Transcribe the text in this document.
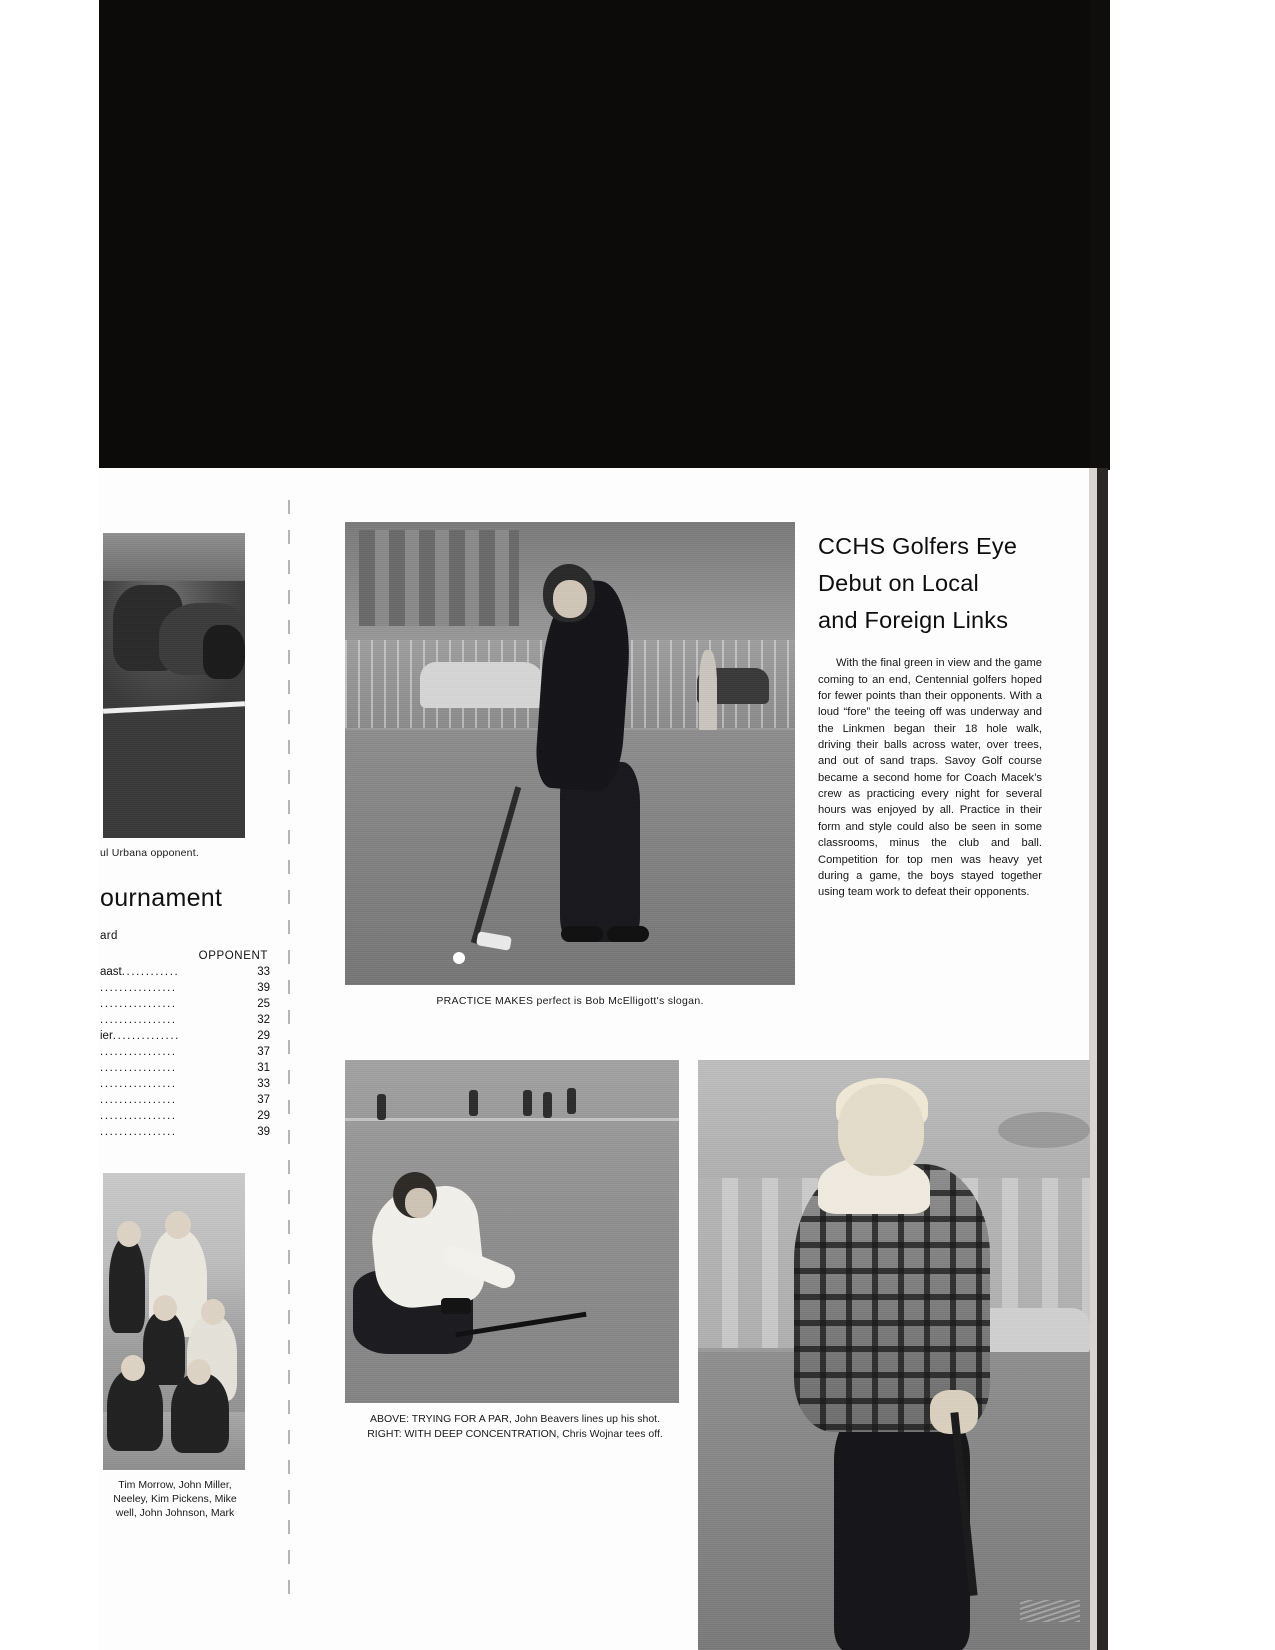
ul Urbana opponent.
ournament
ard
OPPONENT
aast ............	33
................	39
................	25
................	32
ier ..............	29
................	37
................	31
................	33
................	37
................	29
................	39
Tim Morrow, John Miller,
Neeley, Kim Pickens, Mike
well, John Johnson, Mark
PRACTICE MAKES perfect is Bob McElligott's slogan.
ABOVE: TRYING FOR A PAR, John Beavers lines up his shot.
RIGHT: WITH DEEP CONCENTRATION, Chris Wojnar tees off.
CCHS Golfers Eye
Debut on Local
and Foreign Links
With the final green in view and the game coming to an end, Centennial golfers hoped for fewer points than their opponents. With a loud “fore” the teeing off was underway and the Linkmen began their 18 hole walk, driving their balls across water, over trees, and out of sand traps. Savoy Golf course became a second home for Coach Macek’s crew as practicing every night for several hours was enjoyed by all. Practice in their form and style could also be seen in some classrooms, minus the club and ball. Competition for top men was heavy yet during a game, the boys stayed together using team work to defeat their opponents.
